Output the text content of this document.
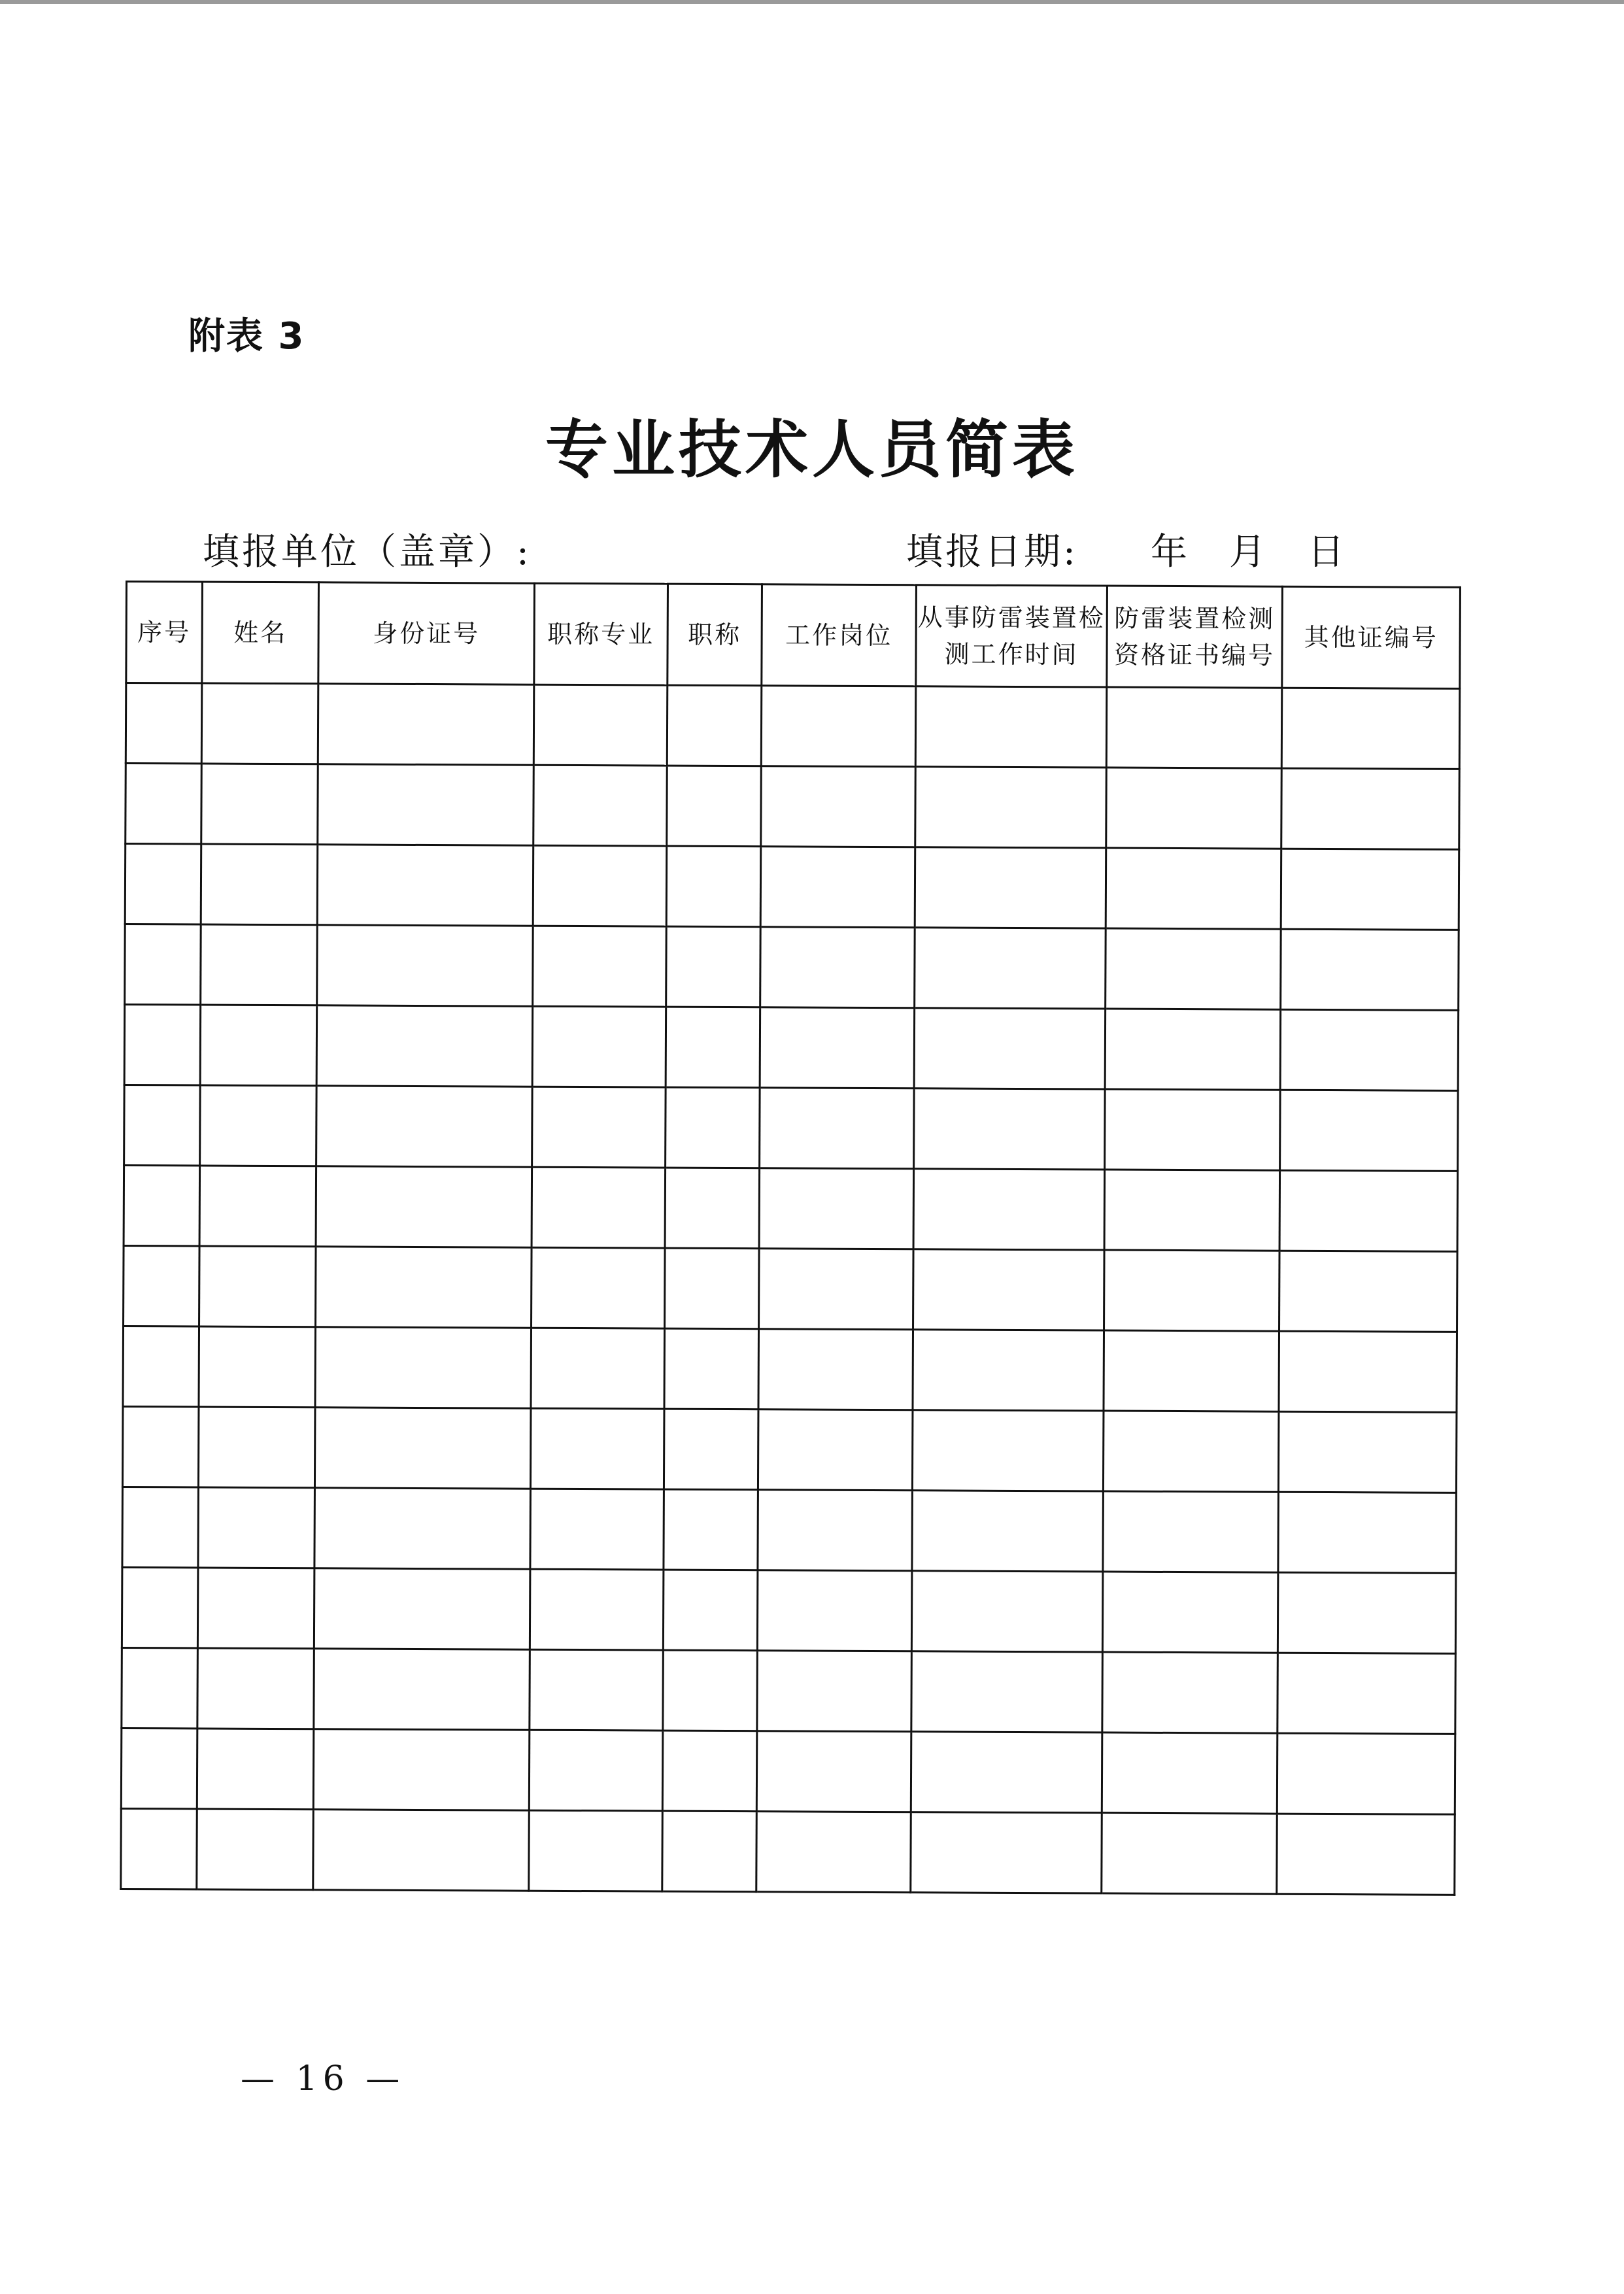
附表 3
专业技术人员简表
填报单位（盖章）:	填报日期: 年 月 日
序号	姓名	身份证号	职称专业	职称	工作岗位	从事防雷装置检测工作时间	防雷装置检测资格证书编号	其他证编号

— 16 —
